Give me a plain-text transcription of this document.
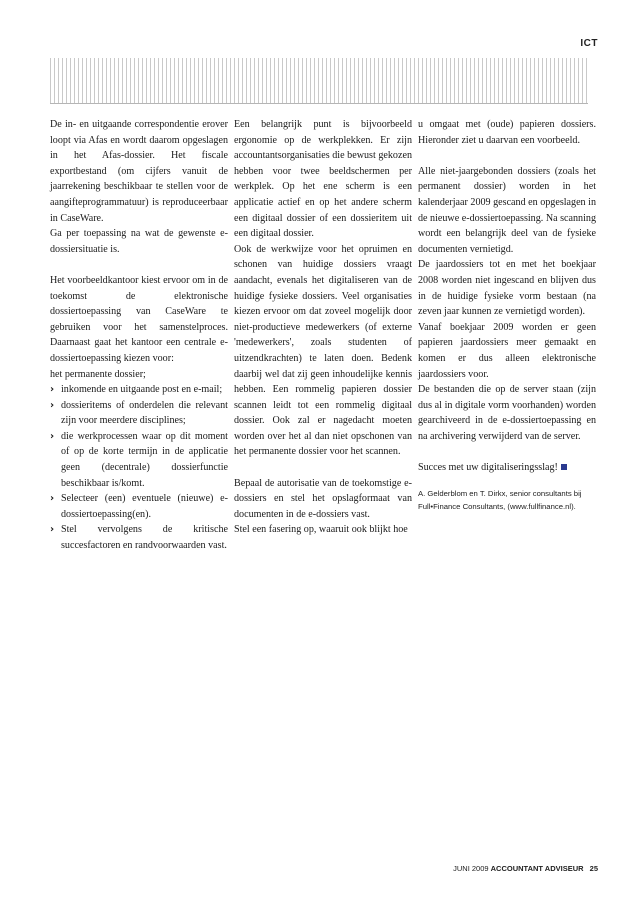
ICT

De in- en uitgaande correspondentie erover loopt via Afas en wordt daarom opgeslagen in het Afas-dossier. Het fiscale exportbestand (om cijfers vanuit de jaarrekening beschikbaar te stellen voor de aangifteprogrammatuur) is reproduceerbaar in CaseWare.

Ga per toepassing na wat de gewenste e-dossiersituatie is.

Het voorbeeldkantoor kiest ervoor om in de toekomst de elektronische dossiertoepassing van CaseWare te gebruiken voor het samenstelproces. Daarnaast gaat het kantoor een centrale e-dossiertoepassing kiezen voor:

het permanente dossier;

› inkomende en uitgaande post en e-mail;
› dossieritems of onderdelen die relevant zijn voor meerdere disciplines;
› die werkprocessen waar op dit moment of op de korte termijn in de applicatie geen (decentrale) dossierfunctie beschikbaar is/komt.
› Selecteer (een) eventuele (nieuwe) e-dossiertoepassing(en).
› Stel vervolgens de kritische succesfactoren en randvoorwaarden vast.

Een belangrijk punt is bijvoorbeeld ergonomie op de werkplekken. Er zijn accountantsorganisaties die bewust gekozen hebben voor twee beeldschermen per werkplek. Op het ene scherm is een applicatie actief en op het andere scherm een digitaal dossier of een dossieritem uit een digitaal dossier.

Ook de werkwijze voor het opruimen en schonen van huidige dossiers vraagt aandacht, evenals het digitaliseren van de huidige fysieke dossiers. Veel organisaties kiezen ervoor om dat zoveel mogelijk door niet-productieve medewerkers (of externe 'medewerkers', zoals studenten of uitzendkrachten) te laten doen. Bedenk daarbij wel dat zij geen inhoudelijke kennis hebben. Een rommelig papieren dossier scannen leidt tot een rommelig digitaal dossier. Ook zal er nagedacht moeten worden over het al dan niet opschonen van het permanente dossier voor het scannen.

Bepaal de autorisatie van de toekomstige e-dossiers en stel het opslagformaat van documenten in de e-dossiers vast.

Stel een fasering op, waaruit ook blijkt hoe

u omgaat met (oude) papieren dossiers. Hieronder ziet u daarvan een voorbeeld.

Alle niet-jaargebonden dossiers (zoals het permanent dossier) worden in het kalenderjaar 2009 gescand en opgeslagen in de nieuwe e-dossiertoepassing. Na scanning wordt een belangrijk deel van de fysieke documenten vernietigd.

De jaardossiers tot en met het boekjaar 2008 worden niet ingescand en blijven dus in de huidige fysieke vorm bestaan (na zeven jaar kunnen ze vernietigd worden).

Vanaf boekjaar 2009 worden er geen papieren jaardossiers meer gemaakt en komen er dus alleen elektronische jaardossiers voor.

De bestanden die op de server staan (zijn dus al in digitale vorm voorhanden) worden gearchiveerd in de e-dossiertoepassing en na archivering verwijderd van de server.

Succes met uw digitaliseringsslag!

A. Gelderblom en T. Dirkx, senior consultants bij Full•Finance Consultants, (www.fullfinance.nl).

JUNI 2009 ACCOUNTANT ADVISEUR 25
